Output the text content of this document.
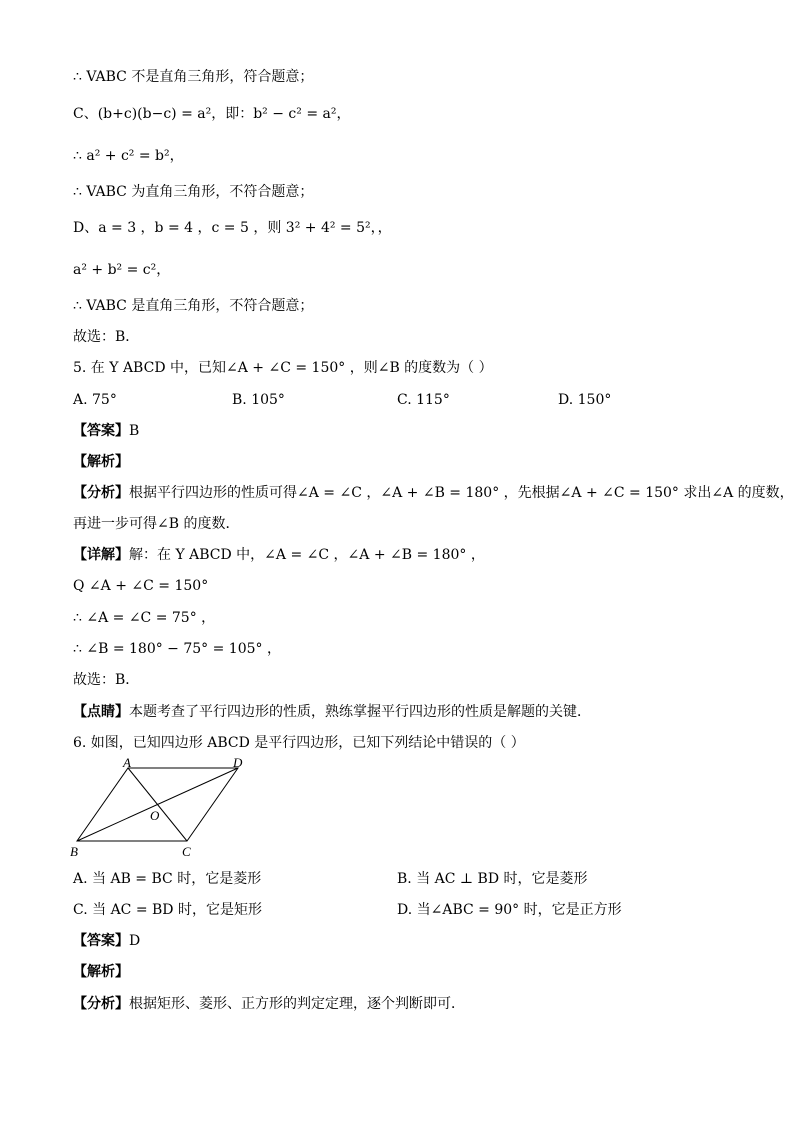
∴ VABC 不是直角三角形，符合题意；
C、(b+c)(b−c) = a²，即：b² − c² = a²，
∴ a² + c² = b²，
∴ VABC 为直角三角形，不符合题意；
D、a = 3 ，b = 4 ，c = 5 ，则 3² + 4² = 5²，，
a² + b² = c²，
∴ VABC 是直角三角形，不符合题意；
故选：B．
5. 在 Y ABCD 中，已知∠A + ∠C = 150° ，则∠B 的度数为（ ）
A. 75°	B. 105°	C. 115°	D. 150°
【答案】B
【解析】
【分析】根据平行四边形的性质可得∠A = ∠C ，∠A + ∠B = 180° ，先根据∠A + ∠C = 150° 求出∠A 的度数，
再进一步可得∠B 的度数．
【详解】解：在 Y ABCD 中，∠A = ∠C ，∠A + ∠B = 180° ，
Q ∠A + ∠C = 150°
∴ ∠A = ∠C = 75° ，
∴ ∠B = 180° − 75° = 105° ，
故选：B．
【点睛】本题考查了平行四边形的性质，熟练掌握平行四边形的性质是解题的关键．
6. 如图，已知四边形 ABCD 是平行四边形，已知下列结论中错误的（ ）
A	D
B	C
O
A. 当 AB = BC 时，它是菱形	B. 当 AC ⊥ BD 时，它是菱形
C. 当 AC = BD 时，它是矩形	D. 当∠ABC = 90° 时，它是正方形
【答案】D
【解析】
【分析】根据矩形、菱形、正方形的判定定理，逐个判断即可．
